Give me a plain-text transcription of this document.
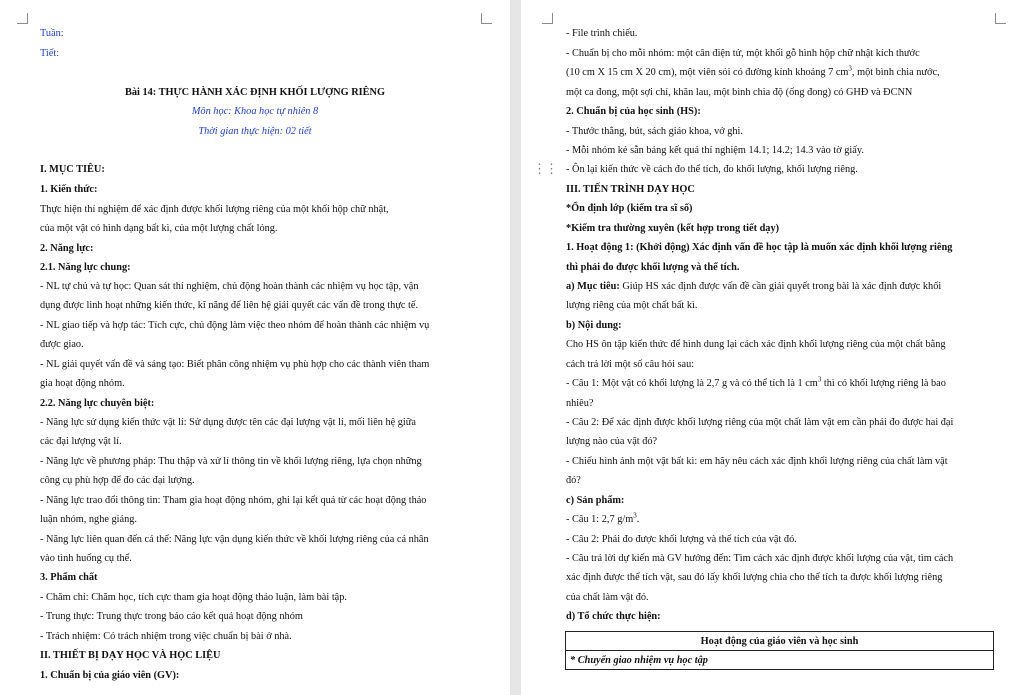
Tuần:
Tiết:
Bài 14: THỰC HÀNH XÁC ĐỊNH KHỐI LƯỢNG RIÊNG
Môn học: Khoa học tự nhiên 8
Thời gian thực hiện: 02 tiết
I. MỤC TIÊU:
1. Kiến thức:
Thực hiện thí nghiệm để xác định được khối lượng riêng của một khối hộp chữ nhật,
của một vật có hình dạng bất kì, của một lượng chất lỏng.
2. Năng lực:
2.1. Năng lực chung:
- NL tự chủ và tự học: Quan sát thí nghiệm, chủ động hoàn thành các nhiệm vụ học tập, vận
dụng được linh hoạt những kiến thức, kĩ năng để liên hệ giải quyết các vấn đề trong thực tế.
- NL giao tiếp và hợp tác: Tích cực, chủ động làm việc theo nhóm để hoàn thành các nhiệm vụ
được giao.
- NL giải quyết vấn đề và sáng tạo: Biết phân công nhiệm vụ phù hợp cho các thành viên tham
gia hoạt động nhóm.
2.2. Năng lực chuyên biệt:
- Năng lực sử dụng kiến thức vật lí: Sử dụng được tên các đại lượng vật lí, mối liên hệ giữa
các đại lượng vật lí.
- Năng lực về phương pháp: Thu thập và xử lí thông tin về khối lượng riêng, lựa chọn những
công cụ phù hợp để đo các đại lượng.
- Năng lực trao đổi thông tin: Tham gia hoạt động nhóm, ghi lại kết quả từ các hoạt động thảo
luận nhóm, nghe giảng.
- Năng lực liên quan đến cá thể: Năng lực vận dụng kiến thức về khối lượng riêng của cá nhân
vào tình huống cụ thể.
3. Phẩm chất
- Chăm chỉ: Chăm học, tích cực tham gia hoạt động thảo luận, làm bài tập.
- Trung thực: Trung thực trong báo cáo kết quả hoạt động nhóm
- Trách nhiệm: Có trách nhiệm trong việc chuẩn bị bài ở nhà.
II. THIẾT BỊ DẠY HỌC VÀ HỌC LIỆU
1. Chuẩn bị của giáo viên (GV):
⋮⋮
- File trình chiếu.
- Chuẩn bị cho mỗi nhóm: một cân điện tử, một khối gỗ hình hộp chữ nhật kích thước
(10 cm X 15 cm X 20 cm), một viên sỏi có đường kính khoảng 7 $cm^3$, một bình chia nước,
một ca đong, một sợi chỉ, khăn lau, một bình chia độ (ống đong) có GHĐ và ĐCNN
2. Chuẩn bị của học sinh (HS):
- Thước thẳng, bút, sách giáo khoa, vở ghi.
- Mỗi nhóm kẻ sẵn bảng kết quả thí nghiệm 14.1; 14.2; 14.3 vào tờ giấy.
- Ôn lại kiến thức về cách đo thể tích, đo khối lượng, khối lượng riêng.
III. TIẾN TRÌNH DẠY HỌC
*Ổn định lớp (kiểm tra sĩ số)
*Kiểm tra thường xuyên (kết hợp trong tiết dạy)
1. Hoạt động 1: (Khởi động) Xác định vấn đề học tập là muốn xác định khối lượng riêng
thì phải đo được khối lượng và thể tích.
a) Mục tiêu: Giúp HS xác định được vấn đề cần giải quyết trong bài là xác định được khối
lượng riêng của một chất bất kì.
b) Nội dung:
Cho HS ôn tập kiến thức để hình dung lại cách xác định khối lượng riêng của một chất bằng
cách trả lời một số câu hỏi sau:
- Câu 1: Một vật có khối lượng là 2,7 g và có thể tích là 1 $cm^3$ thì có khối lượng riêng là bao
nhiêu?
- Câu 2: Để xác định được khối lượng riêng của một chất làm vật em cần phải đo được hai đại
lượng nào của vật đó?
- Chiếu hình ảnh một vật bất kì: em hãy nêu cách xác định khối lượng riêng của chất làm vật
đó?
c) Sản phẩm:
- Câu 1: 2,7 $g/m^3$.
- Câu 2: Phải đo được khối lượng và thể tích của vật đó.
- Câu trả lời dự kiến mà GV hướng đến: Tìm cách xác định được khối lượng của vật, tìm cách
xác định được thể tích vật, sau đó lấy khối lượng chia cho thể tích ta được khối lượng riêng
của chất làm vật đó.
d) Tổ chức thực hiện:
Hoạt động của giáo viên và học sinh
* Chuyển giao nhiệm vụ học tập
